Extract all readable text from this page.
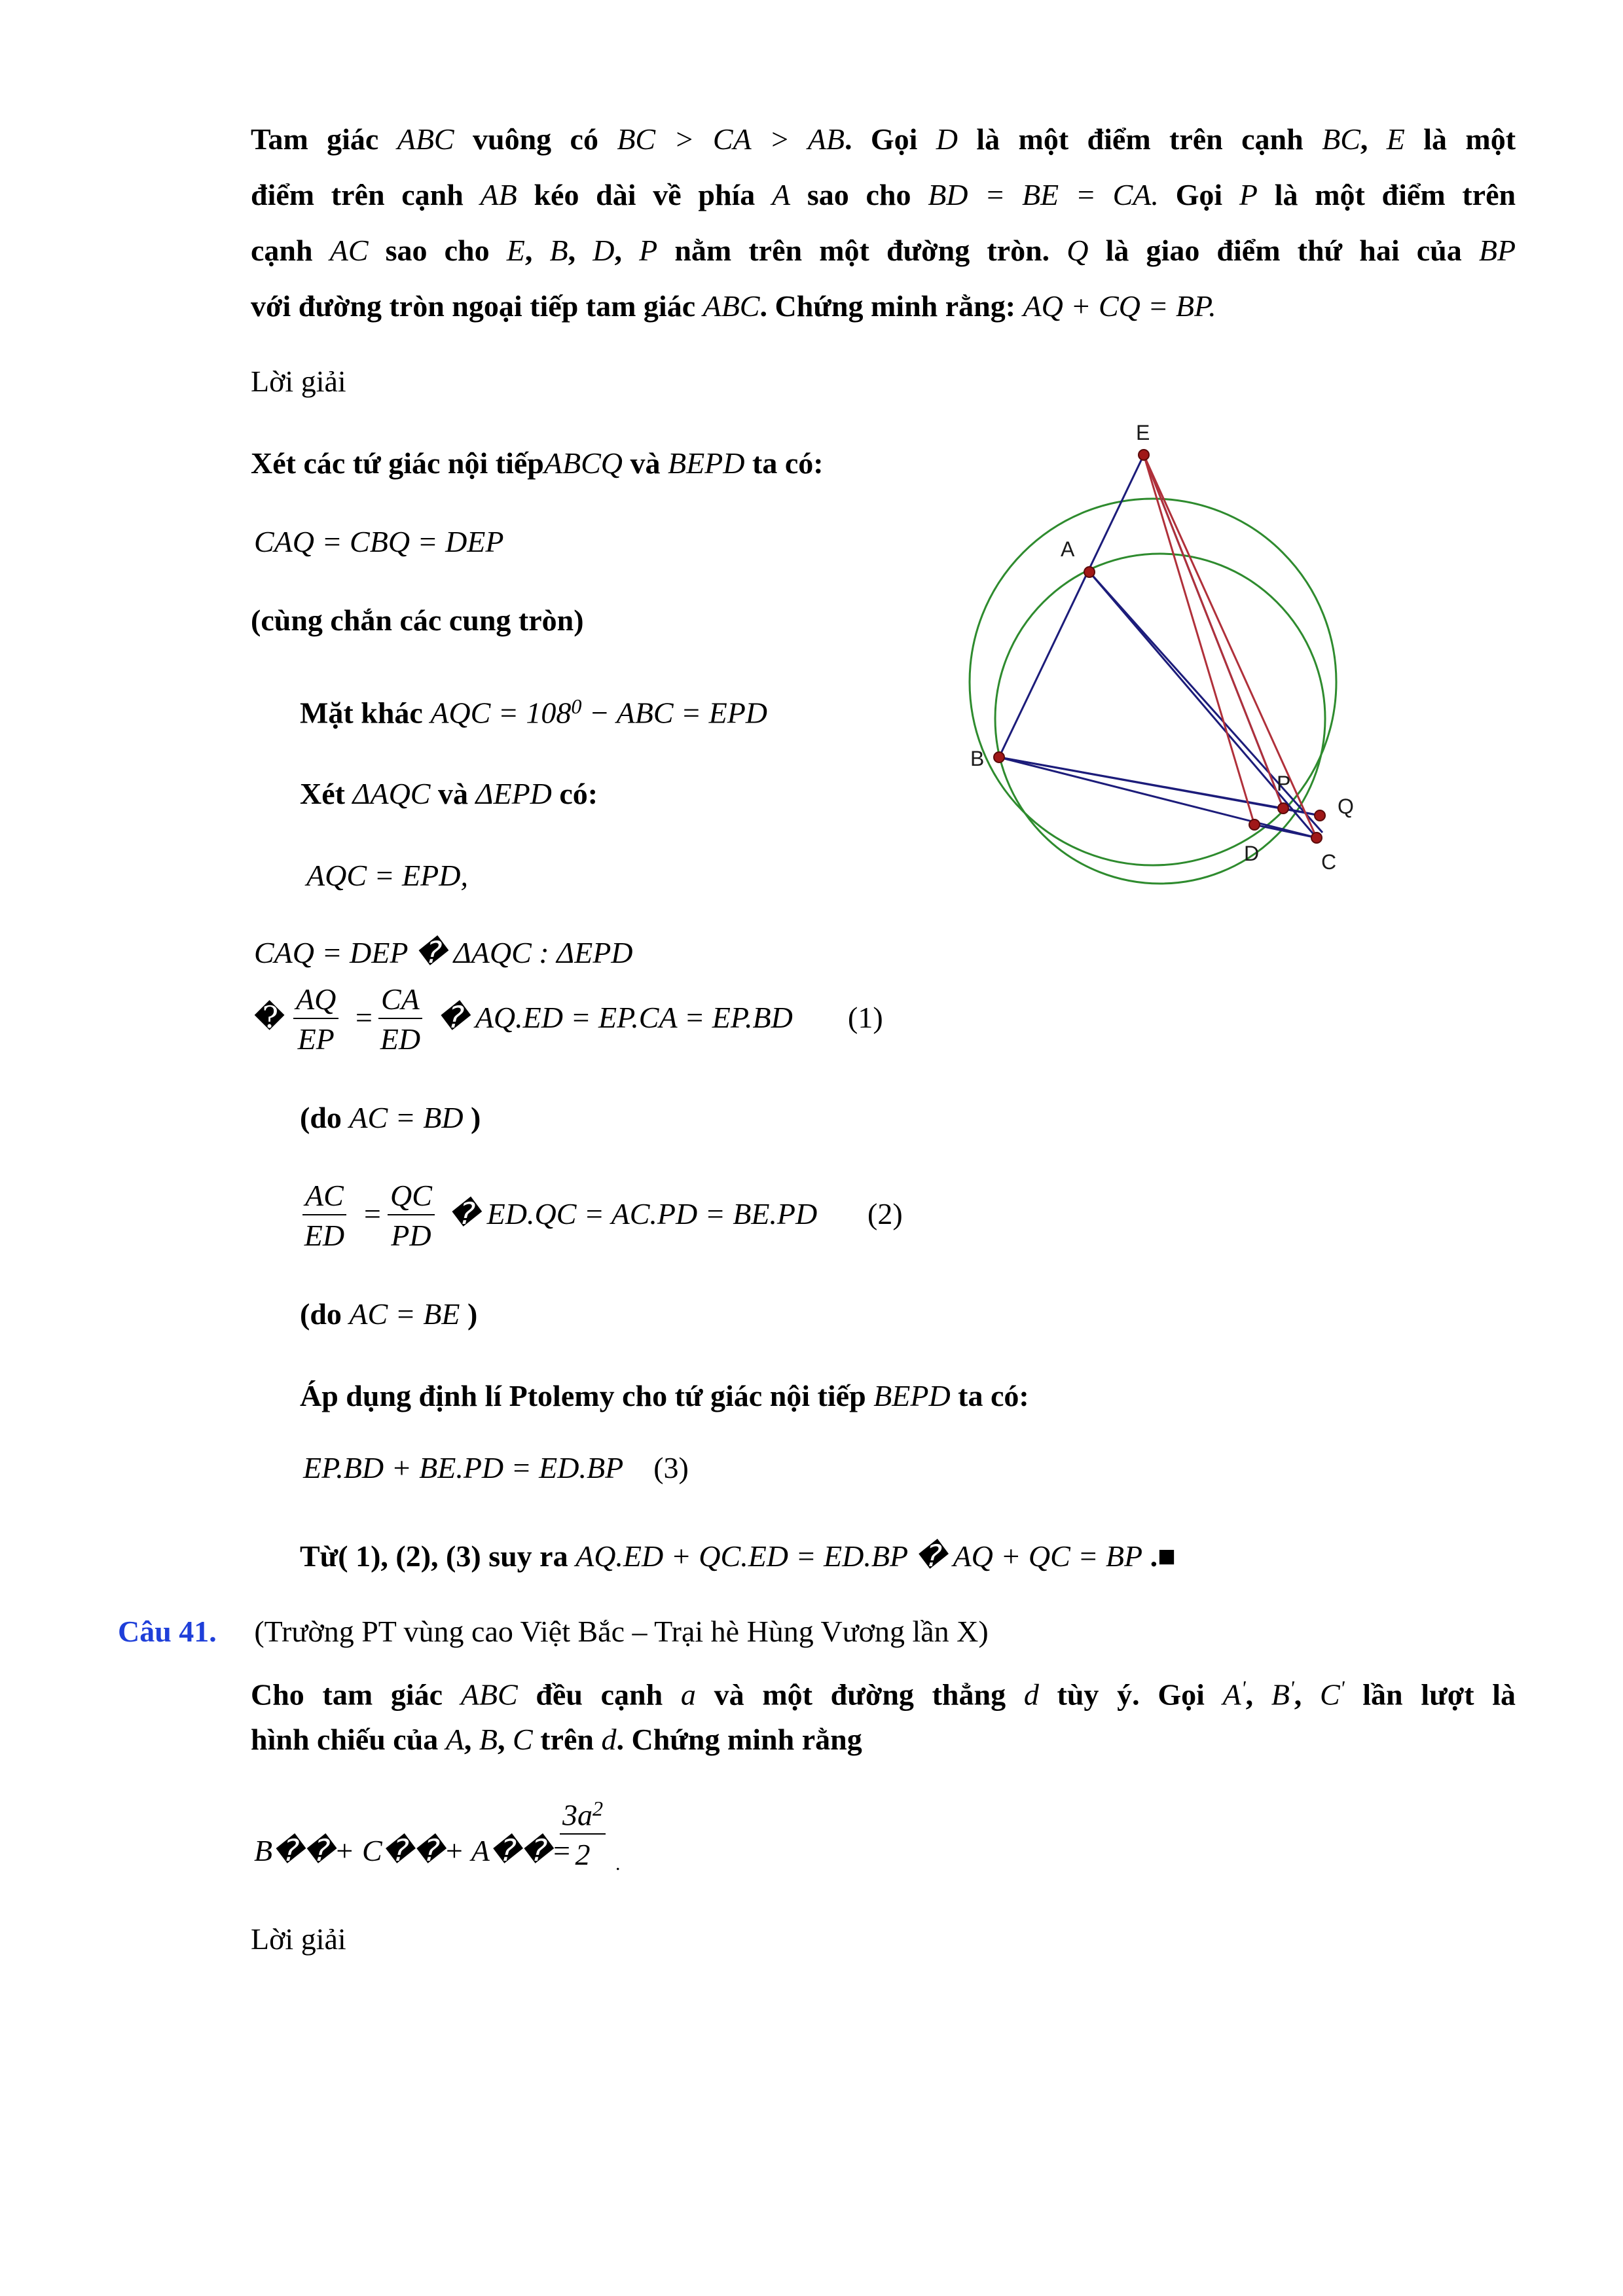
Tam giác ABC vuông có BC > CA > AB. Gọi D là một điểm trên cạnh BC, E là một
điểm trên cạnh AB kéo dài về phía A sao cho BD = BE = CA. Gọi P là một điểm trên
cạnh AC sao cho E, B, D, P nằm trên một đường tròn. Q là giao điểm thứ hai của BP
với đường tròn ngoại tiếp tam giác ABC. Chứng minh rằng: AQ + CQ = BP.
Lời giải
Xét các tứ giác nội tiếpABCQ và BEPD ta có:
CAQ = CBQ = DEP
(cùng chắn các cung tròn)
Mặt khác AQC = $108^0$ − ABC = EPD
Xét ΔAQC và ΔEPD có:
AQC = EPD,
CAQ = DEP � ΔAQC : ΔEPD
� $\frac{AQ}{EP} = \frac{CA}{ED}$ � AQ.ED = EP.CA = EP.BD (1)
(do AC = BD )
$\frac{AC}{ED} = \frac{QC}{PD}$ � ED.QC = AC.PD = BE.PD (2)
(do AC = BE )
Áp dụng định lí Ptolemy cho tứ giác nội tiếp BEPD ta có:
EP.BD + BE.PD = ED.BP (3)
Từ( 1), (2), (3) suy ra AQ.ED + QC.ED = ED.BP � AQ + QC = BP .■
Câu 41. (Trường PT vùng cao Việt Bắc – Trại hè Hùng Vương lần X)
Cho tam giác ABC đều cạnh a và một đường thẳng d tùy ý. Gọi A', B', C' lần lượt là
hình chiếu của A, B, C trên d. Chứng minh rằng
B��+ C��+ A��=
$\frac{3a^2}{2}$ .
Lời giải
E
A
B
P
Q
D	C
